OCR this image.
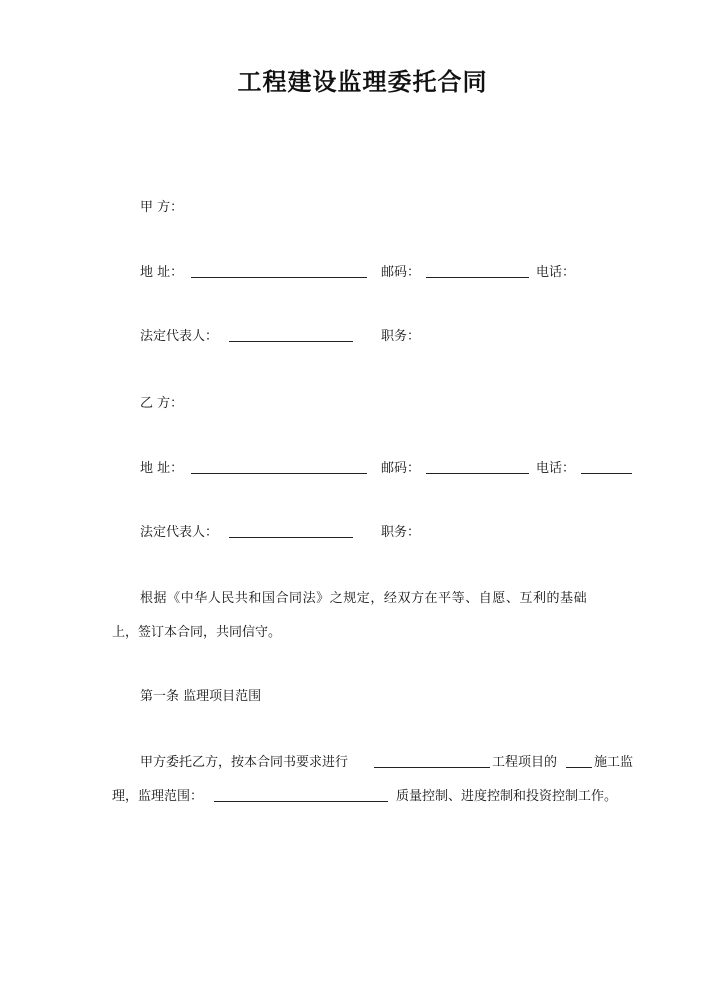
工程建设监理委托合同
甲 方：
地 址：	邮码：	电话：
法定代表人：	职务：
乙 方：
地 址：	邮码：	电话：
法定代表人：	职务：
根据《中华人民共和国合同法》之规定，经双方在平等、自愿、互利的基础
上，签订本合同，共同信守。
第一条 监理项目范围
甲方委托乙方，按本合同书要求进行	工程项目的	施工监
理，监理范围：	质量控制、进度控制和投资控制工作。
